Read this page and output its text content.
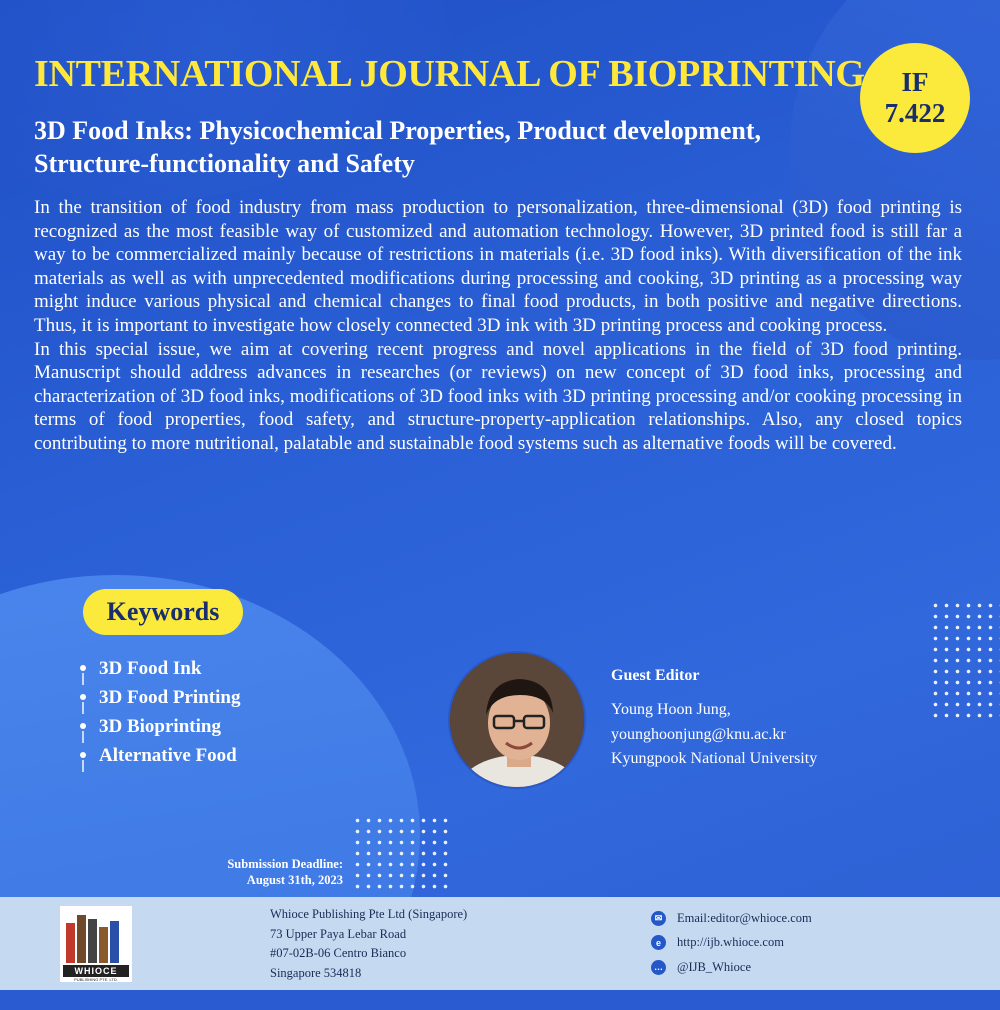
INTERNATIONAL JOURNAL OF BIOPRINTING	IF
7.422
3D Food Inks: Physicochemical Properties, Product development,
Structure-functionality and Safety

In the transition of food industry from mass production to personalization, three-dimensional (3D) food printing is recognized as the most feasible way of customized and automation technology. However, 3D printed food is still far a way to be commercialized mainly because of restrictions in materials (i.e. 3D food inks). With diversification of the ink materials as well as with unprecedented modifications during processing and cooking, 3D printing as a processing way might induce various physical and chemical changes to final food products, in both positive and negative directions. Thus, it is important to investigate how closely connected 3D ink with 3D printing process and cooking process.

In this special issue, we aim at covering recent progress and novel applications in the field of 3D food printing. Manuscript should address advances in researches (or reviews) on new concept of 3D food inks, processing and characterization of 3D food inks, modifications of 3D food inks with 3D printing processing and/or cooking processing in terms of food properties, food safety, and structure-property-application relationships. Also, any closed topics contributing to more nutritional, palatable and sustainable food systems such as alternative foods will be covered.

Keywords
3D Food Ink
3D Food Printing
3D Bioprinting
Alternative Food
Guest Editor
Young Hoon Jung,
younghoonjung@knu.ac.kr
Kyungpook National University
Submission Deadline:
August 31th, 2023
WHIOCE
PUBLISHING PTE. LTD.
Whioce Publishing Pte Ltd (Singapore)
73 Upper Paya Lebar Road
#07-02B-06 Centro Bianco
Singapore 534818
✉ Email:editor@whioce.com
e	http://ijb.whioce.com
… @IJB_Whioce
